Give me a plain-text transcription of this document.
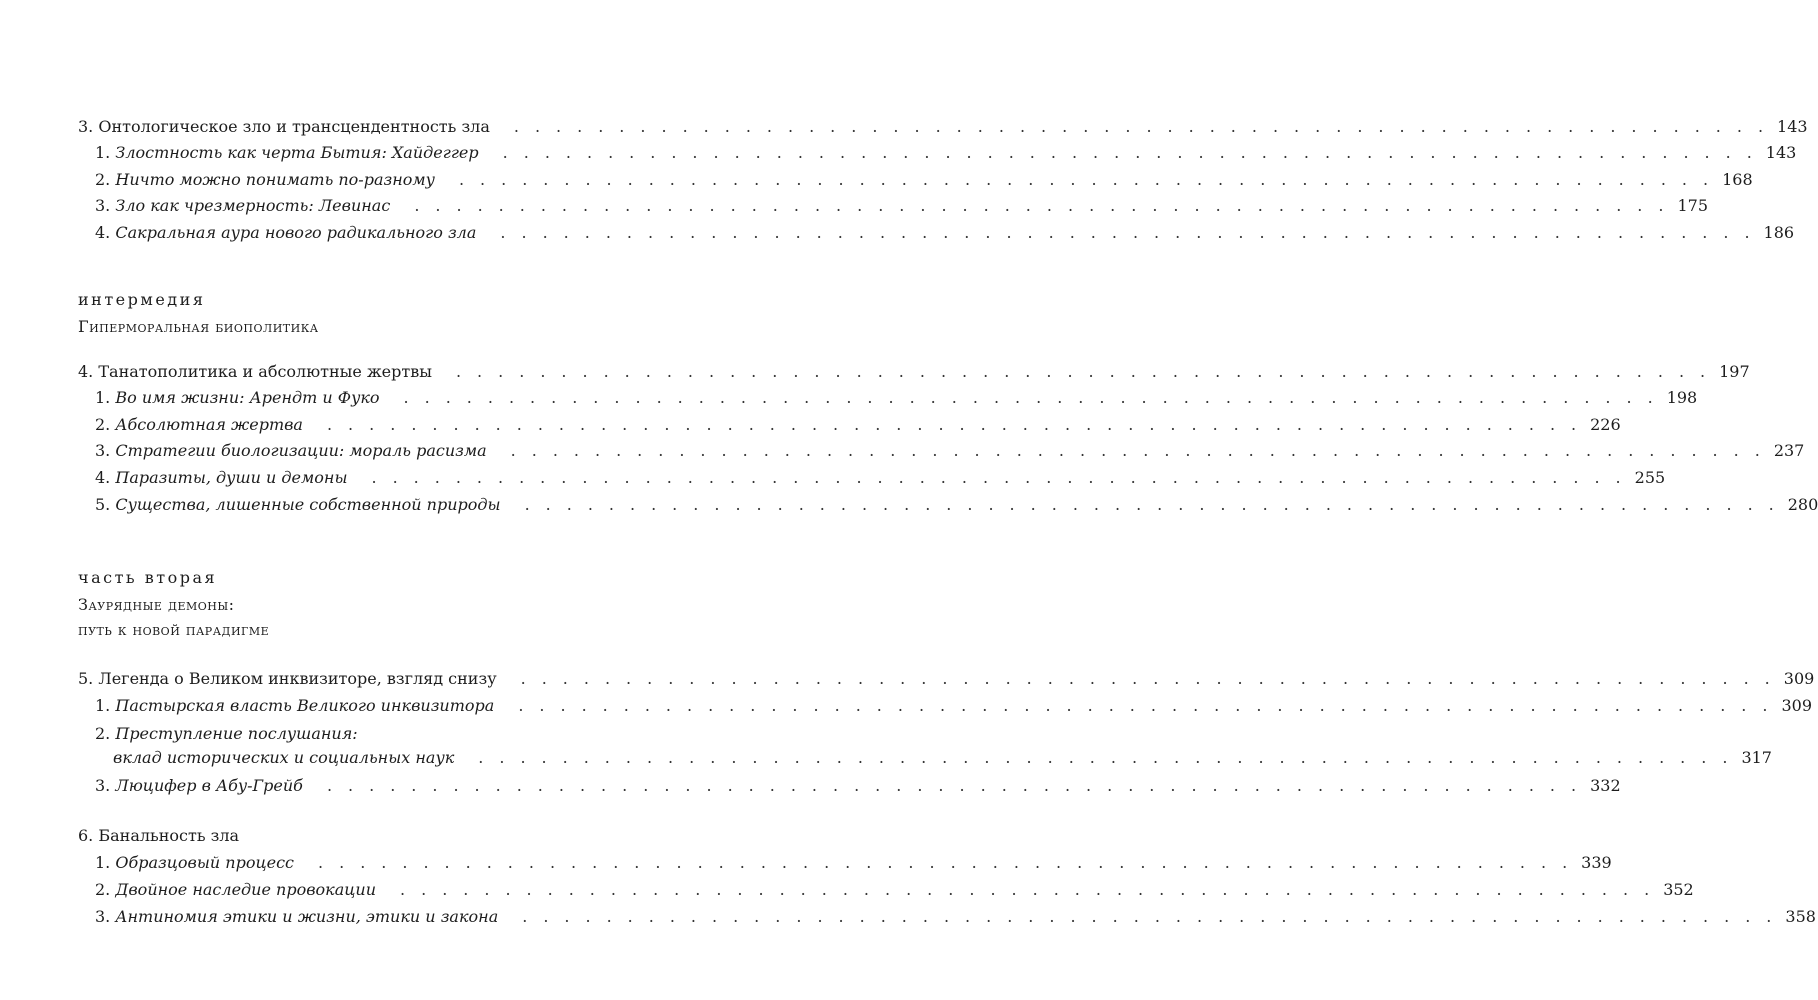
3. Онтологическое зло и трансцендентность зла .  .  .  .  .  .  .  .  .  .  .  .  .  .  .  .  .  .  .  .  .  .  .  .  .  .  .  .  .  .  .  .  .  .  .  .  .  .  .  .  .  .  .  .  .  .  .  .  .  .  .  .  .  .  .  .  .  .  .  .   143
1. Злостность как черта Бытия: Хайдеггер .  .  .  .  .  .  .  .  .  .  .  .  .  .  .  .  .  .  .  .  .  .  .  .  .  .  .  .  .  .  .  .  .  .  .  .  .  .  .  .  .  .  .  .  .  .  .  .  .  .  .  .  .  .  .  .  .  .  .  .   143
2. Ничто можно понимать по-разному .  .  .  .  .  .  .  .  .  .  .  .  .  .  .  .  .  .  .  .  .  .  .  .  .  .  .  .  .  .  .  .  .  .  .  .  .  .  .  .  .  .  .  .  .  .  .  .  .  .  .  .  .  .  .  .  .  .  .  .   168
3. Зло как чрезмерность: Левинас .  .  .  .  .  .  .  .  .  .  .  .  .  .  .  .  .  .  .  .  .  .  .  .  .  .  .  .  .  .  .  .  .  .  .  .  .  .  .  .  .  .  .  .  .  .  .  .  .  .  .  .  .  .  .  .  .  .  .  .   175
4. Сакральная аура нового радикального зла .  .  .  .  .  .  .  .  .  .  .  .  .  .  .  .  .  .  .  .  .  .  .  .  .  .  .  .  .  .  .  .  .  .  .  .  .  .  .  .  .  .  .  .  .  .  .  .  .  .  .  .  .  .  .  .  .  .  .  .   186
интермедия
Гиперморальная биополитика
4. Танатополитика и абсолютные жертвы .  .  .  .  .  .  .  .  .  .  .  .  .  .  .  .  .  .  .  .  .  .  .  .  .  .  .  .  .  .  .  .  .  .  .  .  .  .  .  .  .  .  .  .  .  .  .  .  .  .  .  .  .  .  .  .  .  .  .  .   197
1. Во имя жизни: Арендт и Фуко .  .  .  .  .  .  .  .  .  .  .  .  .  .  .  .  .  .  .  .  .  .  .  .  .  .  .  .  .  .  .  .  .  .  .  .  .  .  .  .  .  .  .  .  .  .  .  .  .  .  .  .  .  .  .  .  .  .  .  .   198
2. Абсолютная жертва .  .  .  .  .  .  .  .  .  .  .  .  .  .  .  .  .  .  .  .  .  .  .  .  .  .  .  .  .  .  .  .  .  .  .  .  .  .  .  .  .  .  .  .  .  .  .  .  .  .  .  .  .  .  .  .  .  .  .  .   226
3. Стратегии биологизации: мораль расизма .  .  .  .  .  .  .  .  .  .  .  .  .  .  .  .  .  .  .  .  .  .  .  .  .  .  .  .  .  .  .  .  .  .  .  .  .  .  .  .  .  .  .  .  .  .  .  .  .  .  .  .  .  .  .  .  .  .  .  .   237
4. Паразиты, души и демоны .  .  .  .  .  .  .  .  .  .  .  .  .  .  .  .  .  .  .  .  .  .  .  .  .  .  .  .  .  .  .  .  .  .  .  .  .  .  .  .  .  .  .  .  .  .  .  .  .  .  .  .  .  .  .  .  .  .  .  .   255
5. Существа, лишенные собственной природы .  .  .  .  .  .  .  .  .  .  .  .  .  .  .  .  .  .  .  .  .  .  .  .  .  .  .  .  .  .  .  .  .  .  .  .  .  .  .  .  .  .  .  .  .  .  .  .  .  .  .  .  .  .  .  .  .  .  .  .   280
часть вторая
Заурядные демоны:
путь к новой парадигме
5. Легенда о Великом инквизиторе, взгляд снизу .  .  .  .  .  .  .  .  .  .  .  .  .  .  .  .  .  .  .  .  .  .  .  .  .  .  .  .  .  .  .  .  .  .  .  .  .  .  .  .  .  .  .  .  .  .  .  .  .  .  .  .  .  .  .  .  .  .  .  .   309
1. Пастырская власть Великого инквизитора .  .  .  .  .  .  .  .  .  .  .  .  .  .  .  .  .  .  .  .  .  .  .  .  .  .  .  .  .  .  .  .  .  .  .  .  .  .  .  .  .  .  .  .  .  .  .  .  .  .  .  .  .  .  .  .  .  .  .  .   309
2. Преступление послушания:
вклад исторических и социальных наук .  .  .  .  .  .  .  .  .  .  .  .  .  .  .  .  .  .  .  .  .  .  .  .  .  .  .  .  .  .  .  .  .  .  .  .  .  .  .  .  .  .  .  .  .  .  .  .  .  .  .  .  .  .  .  .  .  .  .  .   317
3. Люцифер в Абу-Грейб .  .  .  .  .  .  .  .  .  .  .  .  .  .  .  .  .  .  .  .  .  .  .  .  .  .  .  .  .  .  .  .  .  .  .  .  .  .  .  .  .  .  .  .  .  .  .  .  .  .  .  .  .  .  .  .  .  .  .  .   332
6. Банальность зла
1. Образцовый процесс .  .  .  .  .  .  .  .  .  .  .  .  .  .  .  .  .  .  .  .  .  .  .  .  .  .  .  .  .  .  .  .  .  .  .  .  .  .  .  .  .  .  .  .  .  .  .  .  .  .  .  .  .  .  .  .  .  .  .  .   339
2. Двойное наследие провокации .  .  .  .  .  .  .  .  .  .  .  .  .  .  .  .  .  .  .  .  .  .  .  .  .  .  .  .  .  .  .  .  .  .  .  .  .  .  .  .  .  .  .  .  .  .  .  .  .  .  .  .  .  .  .  .  .  .  .  .   352
3. Антиномия этики и жизни, этики и закона .  .  .  .  .  .  .  .  .  .  .  .  .  .  .  .  .  .  .  .  .  .  .  .  .  .  .  .  .  .  .  .  .  .  .  .  .  .  .  .  .  .  .  .  .  .  .  .  .  .  .  .  .  .  .  .  .  .  .  .   358
